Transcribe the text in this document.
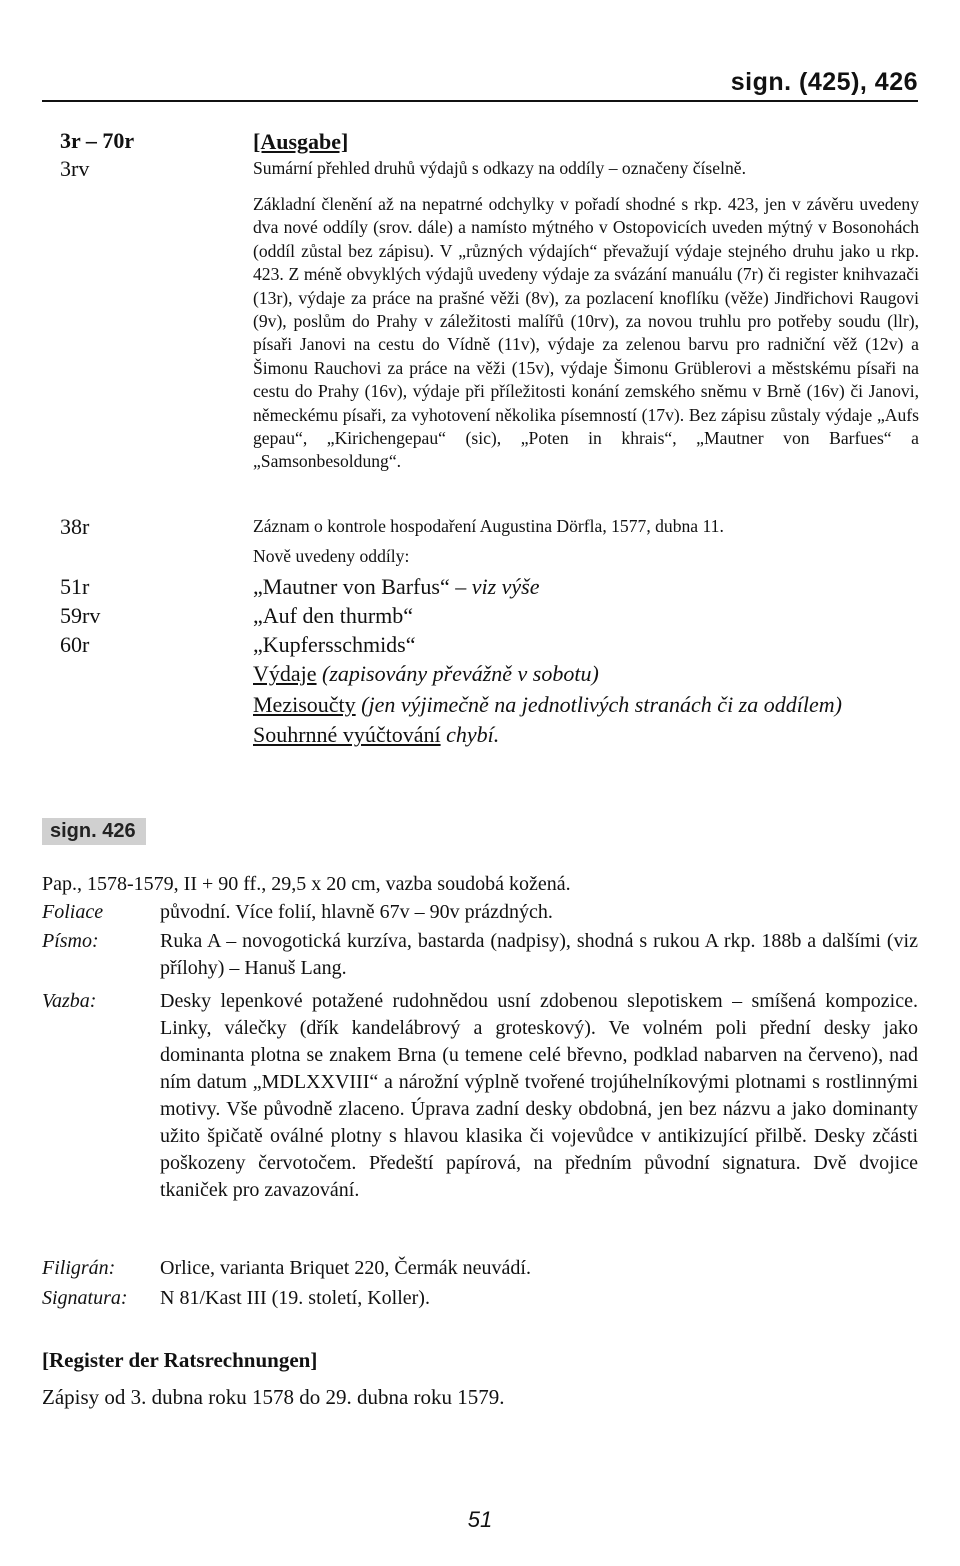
sign. (425), 426
3r – 70r	[Ausgabe]
3rv	Sumární přehled druhů výdajů s odkazy na oddíly – označeny číselně.
Základní členění až na nepatrné odchylky v pořadí shodné s rkp. 423, jen v závěru uvedeny dva nové oddíly (srov. dále) a namísto mýtného v Ostopovicích uveden mýtný v Bosonohách (oddíl zůstal bez zápisu). V „různých výdajích“ převažují výdaje stejného druhu jako u rkp. 423. Z méně obvyklých výdajů uvedeny výdaje za svázání manuálu (7r) či register knihvazači (13r), výdaje za práce na prašné věži (8v), za pozlacení knoflíku (věže) Jindřichovi Raugovi (9v), poslům do Prahy v záležitosti malířů (10rv), za novou truhlu pro potřeby soudu (llr), písaři Janovi na cestu do Vídně (11v), výdaje za zelenou barvu pro radniční věž (12v) a Šimonu Rauchovi za práce na věži (15v), výdaje Šimonu Grüblerovi a městskému písaři na cestu do Prahy (16v), výdaje při příležitosti konání zemského sněmu v Brně (16v) či Janovi, německému písaři, za vyhotovení několika písemností (17v). Bez zápisu zůstaly výdaje „Aufs gepau“, „Kirichengepau“ (sic), „Poten in khrais“, „Mautner von Barfues“ a „Samsonbesoldung“.
38r	Záznam o kontrole hospodaření Augustina Dörfla, 1577, dubna 11.
Nově uvedeny oddíly:
51r	„Mautner von Barfus“ – viz výše
59rv	„Auf den thurmb“
60r	„Kupfersschmids“
Výdaje (zapisovány převážně v sobotu)
Mezisoučty (jen výjimečně na jednotlivých stranách či za oddílem)
Souhrnné vyúčtování chybí.
sign. 426
Pap., 1578-1579, II + 90 ff., 29,5 x 20 cm, vazba soudobá kožená.
Foliace	původní. Více folií, hlavně 67v – 90v prázdných.
Písmo:	Ruka A – novogotická kurzíva, bastarda (nadpisy), shodná s rukou A rkp. 188b a dalšími (viz přílohy) – Hanuš Lang.
Vazba:	Desky lepenkové potažené rudohnědou usní zdobenou slepotiskem – smíšená kompozice. Linky, válečky (dřík kandelábrový a groteskový). Ve volném poli přední desky jako dominanta plotna se znakem Brna (u temene celé břevno, podklad nabarven na červeno), nad ním datum „MDLXXVIII“ a nárožní výplně tvořené trojúhelníkovými plotnami s rostlinnými motivy. Vše původně zlaceno. Úprava zadní desky obdobná, jen bez názvu a jako dominanty užito špičatě oválné plotny s hlavou klasika či vojevůdce v antikizující přilbě. Desky zčásti poškozeny červotočem. Předeští papírová, na předním původní signatura. Dvě dvojice tkaniček pro zavazování.
Filigrán: Orlice, varianta Briquet 220, Čermák neuvádí.
Signatura: N 81/Kast III (19. století, Koller).
[Register der Ratsrechnungen]
Zápisy od 3. dubna roku 1578 do 29. dubna roku 1579.
51
